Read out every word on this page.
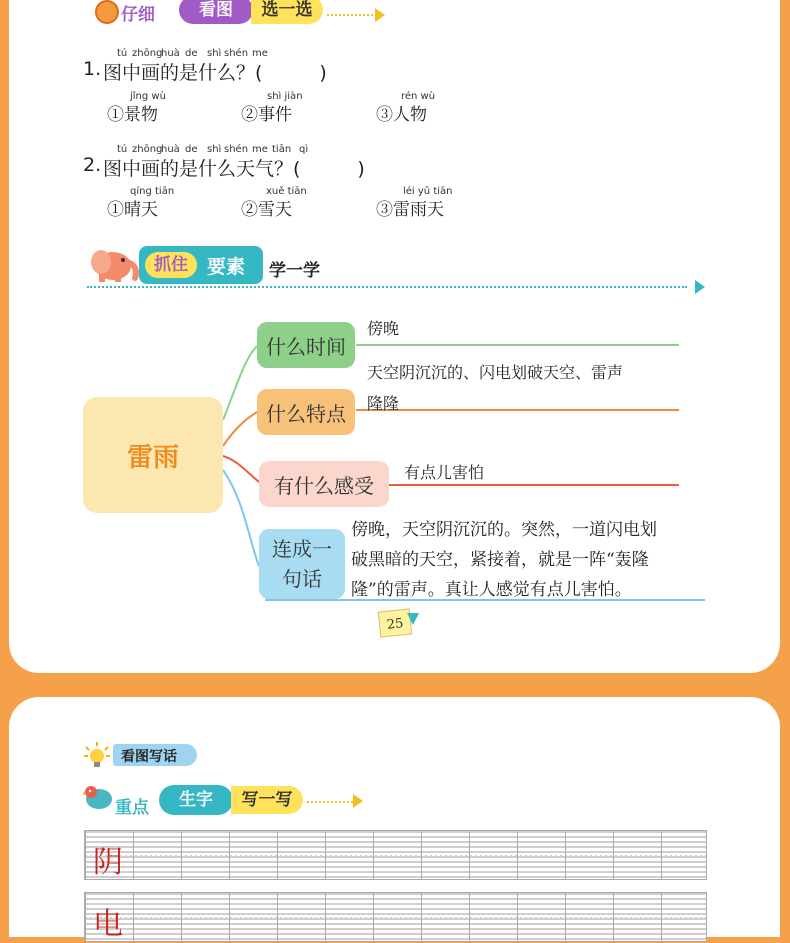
仔细	看图	选一选
tú zhōng
huà de shì shén me
1. 图中画的是什么？(　　　)
jǐng wù
①景物
shì jiàn
②事件
rén wù
③人物
tú zhōng
huà de shì shén me tiān qì
2. 图中画的是什么天气？(　　　)
qíng tiān
①晴天
xuě tiān
②雪天
léi yǔ tiān
③雷雨天
抓住	要素 学一学
雷雨
什么时间
傍晚
什么特点
天空阴沉沉的、闪电划破天空、雷声
隆隆
有什么感受
有点儿害怕
连成一
句话
傍晚，天空阴沉沉的。突然，一道闪电划
破黑暗的天空，紧接着，就是一阵“轰隆
隆”的雷声。真让人感觉有点儿害怕。
25
看图写话
重点	生字	写一写
阴
电
